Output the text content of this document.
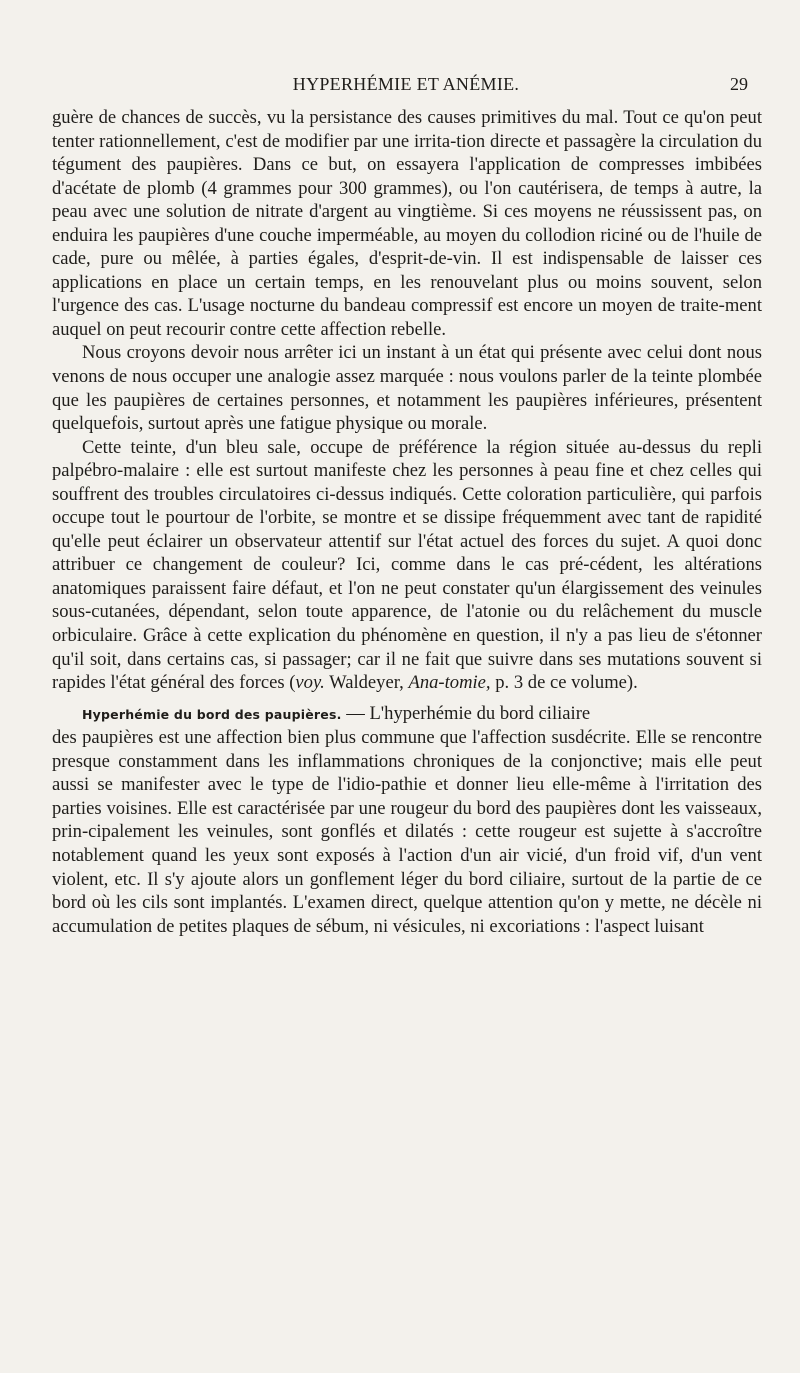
HYPERHÉMIE ET ANÉMIE.	29

guère de chances de succès, vu la persistance des causes primitives du mal. Tout ce qu'on peut tenter rationnellement, c'est de modifier par une irrita-tion directe et passagère la circulation du tégument des paupières. Dans ce but, on essayera l'application de compresses imbibées d'acétate de plomb (4 grammes pour 300 grammes), ou l'on cautérisera, de temps à autre, la peau avec une solution de nitrate d'argent au vingtième. Si ces moyens ne réussissent pas, on enduira les paupières d'une couche imperméable, au moyen du collodion riciné ou de l'huile de cade, pure ou mêlée, à parties égales, d'esprit-de-vin. Il est indispensable de laisser ces applications en place un certain temps, en les renouvelant plus ou moins souvent, selon l'urgence des cas. L'usage nocturne du bandeau compressif est encore un moyen de traite-ment auquel on peut recourir contre cette affection rebelle.

Nous croyons devoir nous arrêter ici un instant à un état qui présente avec celui dont nous venons de nous occuper une analogie assez marquée : nous voulons parler de la teinte plombée que les paupières de certaines personnes, et notamment les paupières inférieures, présentent quelquefois, surtout après une fatigue physique ou morale.

Cette teinte, d'un bleu sale, occupe de préférence la région située au-dessus du repli palpébro-malaire : elle est surtout manifeste chez les personnes à peau fine et chez celles qui souffrent des troubles circulatoires ci-dessus indiqués. Cette coloration particulière, qui parfois occupe tout le pourtour de l'orbite, se montre et se dissipe fréquemment avec tant de rapidité qu'elle peut éclairer un observateur attentif sur l'état actuel des forces du sujet. A quoi donc attribuer ce changement de couleur? Ici, comme dans le cas pré-cédent, les altérations anatomiques paraissent faire défaut, et l'on ne peut constater qu'un élargissement des veinules sous-cutanées, dépendant, selon toute apparence, de l'atonie ou du relâchement du muscle orbiculaire. Grâce à cette explication du phénomène en question, il n'y a pas lieu de s'étonner qu'il soit, dans certains cas, si passager; car il ne fait que suivre dans ses mutations souvent si rapides l'état général des forces (voy. Waldeyer, Ana-tomie, p. 3 de ce volume).

Hyperhémie du bord des paupières. — L'hyperhémie du bord ciliaire

des paupières est une affection bien plus commune que l'affection susdécrite. Elle se rencontre presque constamment dans les inflammations chroniques de la conjonctive; mais elle peut aussi se manifester avec le type de l'idio-pathie et donner lieu elle-même à l'irritation des parties voisines. Elle est caractérisée par une rougeur du bord des paupières dont les vaisseaux, prin-cipalement les veinules, sont gonflés et dilatés : cette rougeur est sujette à s'accroître notablement quand les yeux sont exposés à l'action d'un air vicié, d'un froid vif, d'un vent violent, etc. Il s'y ajoute alors un gonflement léger du bord ciliaire, surtout de la partie de ce bord où les cils sont implantés. L'examen direct, quelque attention qu'on y mette, ne décèle ni accumulation de petites plaques de sébum, ni vésicules, ni excoriations : l'aspect luisant
